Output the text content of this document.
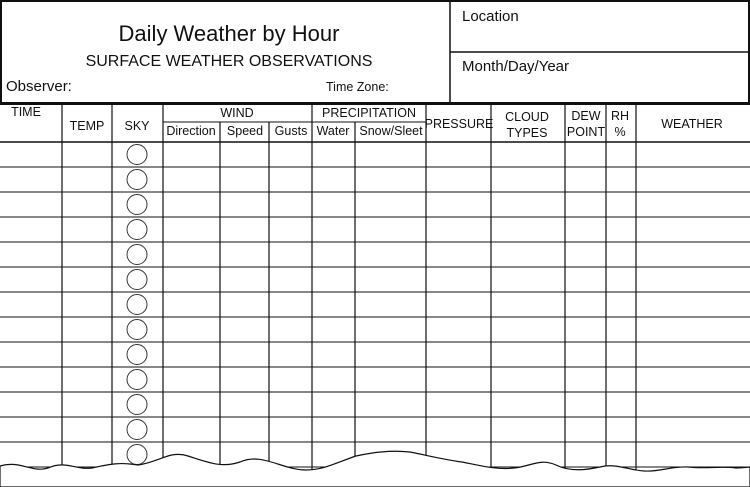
Daily Weather by Hour
SURFACE WEATHER OBSERVATIONS
Observer:	Time Zone:
Location
Month/Day/Year
TIME
TEMP SKY
WIND
Direction Speed Gusts
PRECIPITATION
Water Snow/Sleet PRESSURE CLOUD
TYPES
DEW
POINT
RH
%
WEATHER
